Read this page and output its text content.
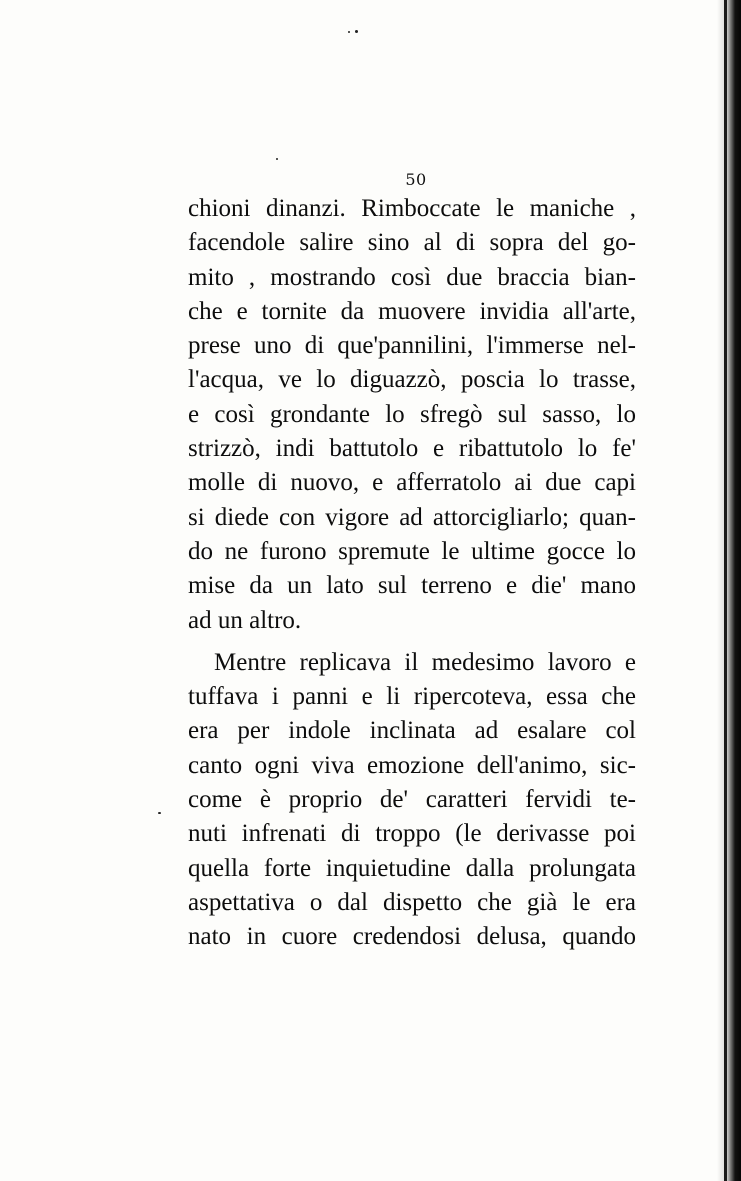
50
chioni dinanzi. Rimboccate le maniche ,
facendole salire sino al di sopra del go-
mito , mostrando così due braccia bian-
che e tornite da muovere invidia all'arte,
prese uno di que'pannilini, l'immerse nel-
l'acqua, ve lo diguazzò, poscia lo trasse,
e così grondante lo sfregò sul sasso, lo
strizzò, indi battutolo e ribattutolo lo fe'
molle di nuovo, e afferratolo ai due capi
si diede con vigore ad attorcigliarlo; quan-
do ne furono spremute le ultime gocce lo
mise da un lato sul terreno e die' mano
ad un altro.
Mentre replicava il medesimo lavoro e
tuffava i panni e li ripercoteva, essa che
era per indole inclinata ad esalare col
canto ogni viva emozione dell'animo, sic-
come è proprio de' caratteri fervidi te-
nuti infrenati di troppo (le derivasse poi
quella forte inquietudine dalla prolungata
aspettativa o dal dispetto che già le era
nato in cuore credendosi delusa, quando
